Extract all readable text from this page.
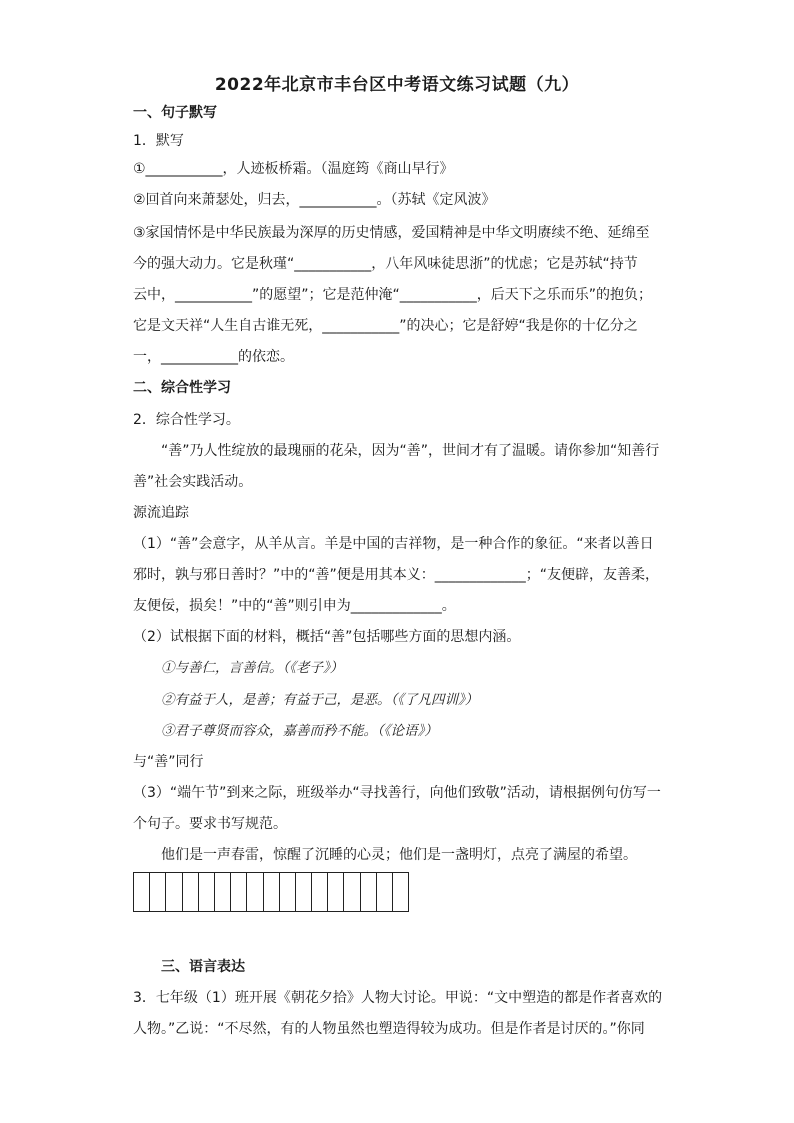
2022年北京市丰台区中考语文练习试题（九）
一、句子默写
1．默写
①___________，人迹板桥霜。（温庭筠《商山早行》
②回首向来萧瑟处，归去，___________。（苏轼《定风波》
③家国情怀是中华民族最为深厚的历史情感，爱国精神是中华文明赓续不绝、延绵至
今的强大动力。它是秋瑾“___________，八年风味徒思浙”的忧虑；它是苏轼“持节
云中，___________”的愿望”；它是范仲淹“___________，后天下之乐而乐”的抱负；
它是文天祥“人生自古谁无死，___________”的决心；它是舒婷“我是你的十亿分之
一，___________的依恋。
二、综合性学习
2．综合性学习。
“善”乃人性绽放的最瑰丽的花朵，因为“善”，世间才有了温暖。请你参加“知善行
善”社会实践活动。
源流追踪
（1）“善”会意字，从羊从言。羊是中国的吉祥物，是一种合作的象征。“来者以善日
邪时，孰与邪日善时？”中的“善”便是用其本义：_____________；“友便辟，友善柔，
友便佞，损矣！”中的“善”则引申为_____________。
（2）试根据下面的材料，概括“善”包括哪些方面的思想内涵。
①与善仁，言善信。（《老子》）
②有益于人，是善；有益于己，是恶。（《了凡四训》）
③君子尊贤而容众，嘉善而矜不能。（《论语》）
与“善”同行
（3）“端午节”到来之际，班级举办“寻找善行，向他们致敬”活动，请根据例句仿写一
个句子。要求书写规范。
他们是一声春雷，惊醒了沉睡的心灵；他们是一盏明灯，点亮了满屋的希望。
三、语言表达
3．七年级（1）班开展《朝花夕拾》人物大讨论。甲说：“文中塑造的都是作者喜欢的
人物。”乙说：“不尽然，有的人物虽然也塑造得较为成功。但是作者是讨厌的。”你同
